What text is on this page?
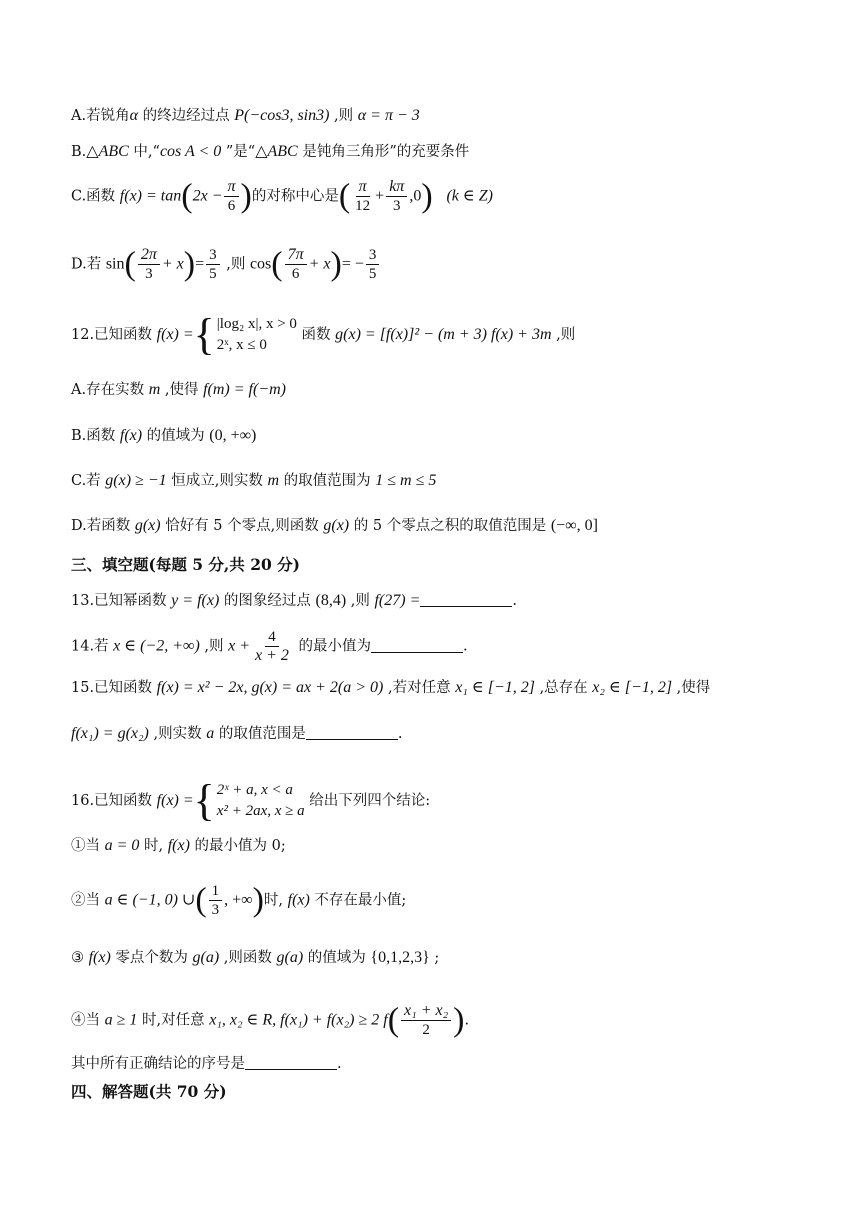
A.若锐角α 的终边经过点 P(−cos3, sin3) ,则 α = π − 3
B.△ABC 中,“cos A < 0 ”是“△ABC 是钝角三角形”的充要条件
C.函数 $f(x) = \tan(2x - \frac{\pi}{6}$ )的对称中心是( $\frac{\pi}{12} + \frac{k\pi}{3} ,0$) (k ∈ Z)
D.若 $\sin( \frac{2\pi}{3} + x)= \frac{3}{5}$ ,则 $\cos( \frac{7\pi}{6} + x)= - \frac{3}{5}$
12.已知函数 f(x) ={ |log₂ x|, x > 0
2ˣ, x ≤ 0
函数 g(x) = [f(x)]² − (m + 3) f(x) + 3m ,则
A.存在实数 m ,使得 f(m) = f(−m)
B.函数 f(x) 的值域为 (0, +∞)
C.若 g(x) ≥ −1 恒成立,则实数 m 的取值范围为 1 ≤ m ≤ 5
D.若函数 g(x) 恰好有 5 个零点,则函数 g(x) 的 5 个零点之积的取值范围是 (−∞, 0]
三、填空题(每题 5 分,共 20 分)
13.已知幂函数 y = f(x) 的图象经过点 (8,4) ,则 f(27) =	.
14.若 x ∈ (−2, +∞) ,则 $x + \frac{4}{x + 2}$ 的最小值为	.
15.已知函数 f(x) = x² − 2x, g(x) = ax + 2(a > 0) ,若对任意 x₁ ∈ [−1, 2] ,总存在 x₂ ∈ [−1, 2] ,使得
f(x₁) = g(x₂) ,则实数 a 的取值范围是	.
16.已知函数 f(x) ={ 2ˣ + a, x < a
x² + 2ax, x ≥ a
给出下列四个结论:
①当 a = 0 时, f(x) 的最小值为 0;
②当 a ∈ (−1, 0) ∪( $\frac{1}{3}$ , +∞)时, f(x) 不存在最小值;
③ f(x) 零点个数为 g(a) ,则函数 g(a) 的值域为 {0,1,2,3} ;
④当 a ≥ 1 时,对任意 x₁, x₂ ∈ R, f(x₁) + f(x₂) ≥ 2 $f( \frac{\text{x₁ + x₂}}{2}$ ).
其中所有正确结论的序号是	.
四、解答题(共 70 分)
